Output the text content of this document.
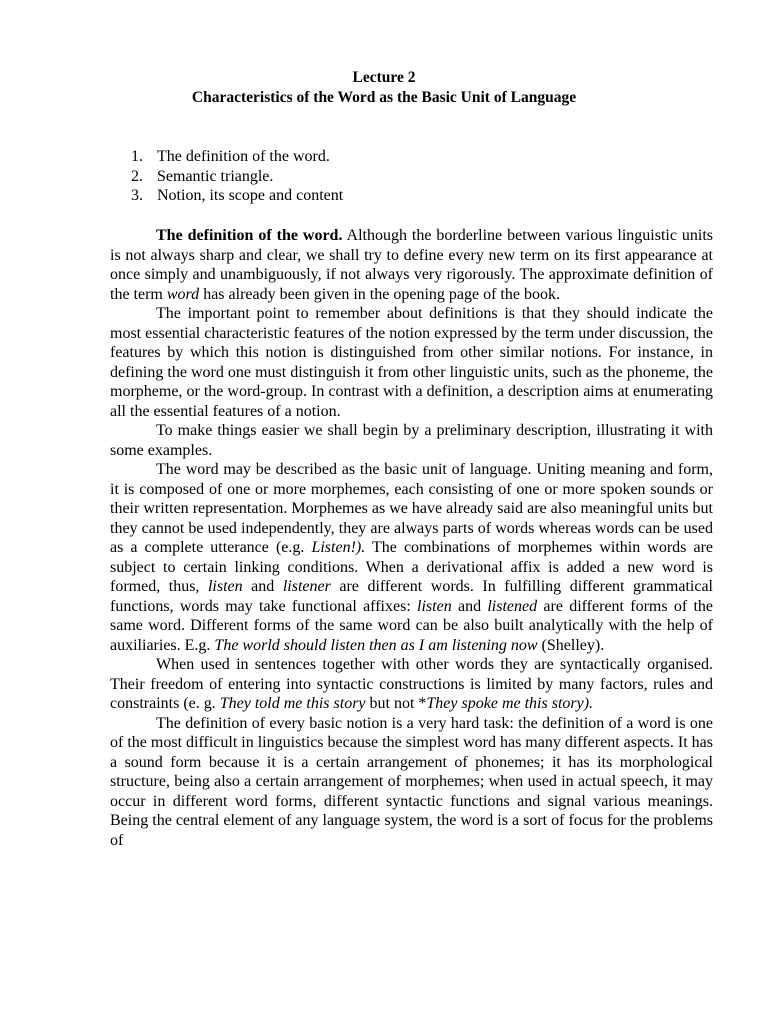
Lecture 2
Characteristics of the Word as the Basic Unit of Language
1. The definition of the word.
2. Semantic triangle.
3. Notion, its scope and content

The definition of the word. Although the borderline between various linguistic units is not always sharp and clear, we shall try to define every new term on its first appearance at once simply and unambiguously, if not always very rigorously. The approximate definition of the term word has already been given in the opening page of the book.

The important point to remember about definitions is that they should indicate the most essential characteristic features of the notion expressed by the term under discussion, the features by which this notion is distinguished from other similar notions. For instance, in defining the word one must distinguish it from other linguistic units, such as the phoneme, the morpheme, or the word-group. In contrast with a definition, a description aims at enumerating all the essential features of a notion.

To make things easier we shall begin by a preliminary description, illustrating it with some examples.

The word may be described as the basic unit of language. Uniting meaning and form, it is composed of one or more morphemes, each consisting of one or more spoken sounds or their written representation. Morphemes as we have already said are also meaningful units but they cannot be used independently, they are always parts of words whereas words can be used as a complete utterance (e.g. Listen!). The combinations of morphemes within words are subject to certain linking conditions. When a derivational affix is added a new word is formed, thus, listen and listener are different words. In fulfilling different grammatical functions, words may take functional affixes: listen and listened are different forms of the same word. Different forms of the same word can be also built analytically with the help of auxiliaries. E.g. The world should listen then as I am listening now (Shelley).

When used in sentences together with other words they are syntactically organised. Their freedom of entering into syntactic constructions is limited by many factors, rules and constraints (e. g. They told me this story but not *They spoke me this story).

The definition of every basic notion is a very hard task: the definition of a word is one of the most difficult in linguistics because the simplest word has many different aspects. It has a sound form because it is a certain arrangement of phonemes; it has its morphological structure, being also a certain arrangement of morphemes; when used in actual speech, it may occur in different word forms, different syntactic functions and signal various meanings. Being the central element of any language system, the word is a sort of focus for the problems of
